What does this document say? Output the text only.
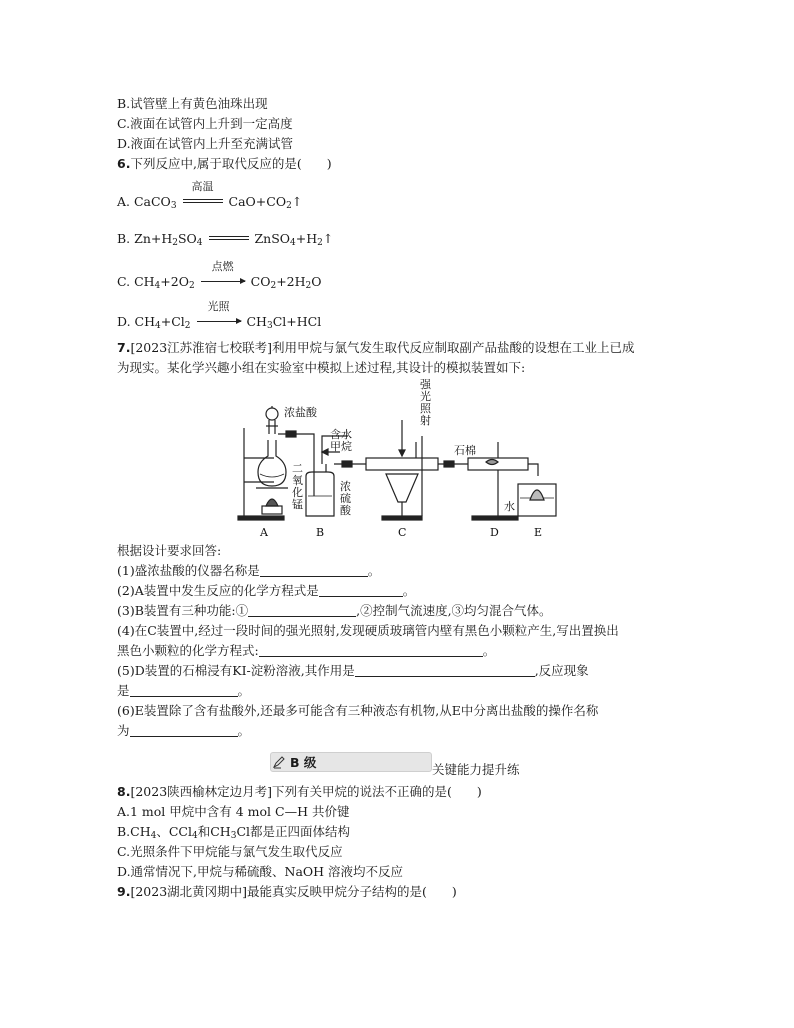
B.试管壁上有黄色油珠出现
C.液面在试管内上升到一定高度
D.液面在试管内上升至充满试管
6.下列反应中,属于取代反应的是(　　)
A. CaCO$_3$
高温
$CaO+CO_2↑$
B. $Zn+H_2SO_4$	$ZnSO_4+H_2↑$
C. $CH_4+2O_2$
点燃
$CO_2+2H_2O$
D. $CH_4+Cl_2$
光照
$CH_3Cl+HCl$
7.[2023江苏淮宿七校联考]利用甲烷与氯气发生取代反应制取副产品盐酸的设想在工业上已成
为现实。某化学兴趣小组在实验室中模拟上述过程,其设计的模拟装置如下:
浓盐酸
二
氧
化
锰
含水
甲烷
浓
硫
酸
强
光
照
射
石棉
水
A	B	C	D	E
根据设计要求回答:
(1)盛浓盐酸的仪器名称是	。
(2)A装置中发生反应的化学方程式是	。
(3)B装置有三种功能:①	,②控制气流速度,③均匀混合气体。
(4)在C装置中,经过一段时间的强光照射,发现硬质玻璃管内壁有黑色小颗粒产生,写出置换出
黑色小颗粒的化学方程式:	。
(5)D装置的石棉浸有KI-淀粉溶液,其作用是	,反应现象
是	。
(6)E装置除了含有盐酸外,还最多可能含有三种液态有机物,从E中分离出盐酸的操作名称
为	。
B 级	关键能力提升练
8.[2023陕西榆林定边月考]下列有关甲烷的说法不正确的是(　　)
A.1 mol 甲烷中含有 4 mol C—H 共价键
$B.CH_4$、CCl$_4$和$CH_3Cl$都是正四面体结构
C.光照条件下甲烷能与氯气发生取代反应
D.通常情况下,甲烷与稀硫酸、NaOH 溶液均不反应
9.[2023湖北黄冈期中]最能真实反映甲烷分子结构的是(　　)
